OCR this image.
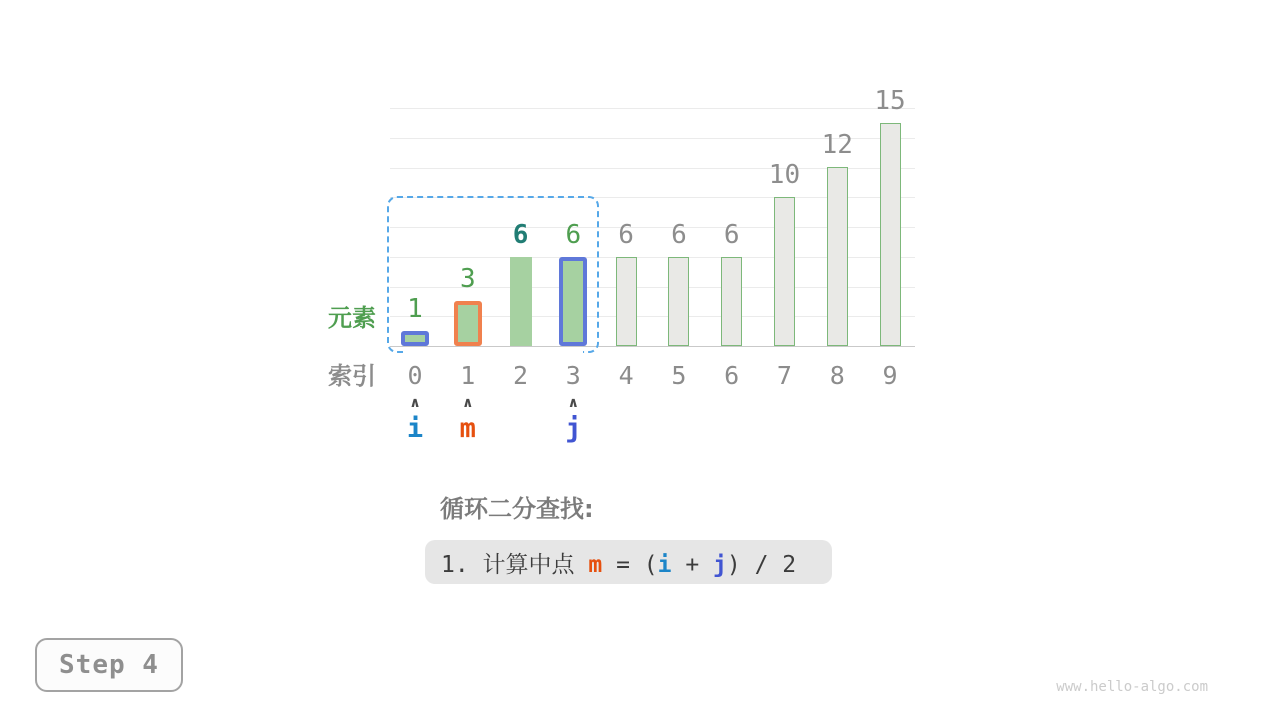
1
0
3
1
6
2
6
3
6
4
6
5
6
6
10
7
12
8
15
9
元素
索引
∧
i
∧
m
∧
j
循环二分查找:
1. 计算中点 m = (i + j) / 2
Step 4
www.hello-algo.com
